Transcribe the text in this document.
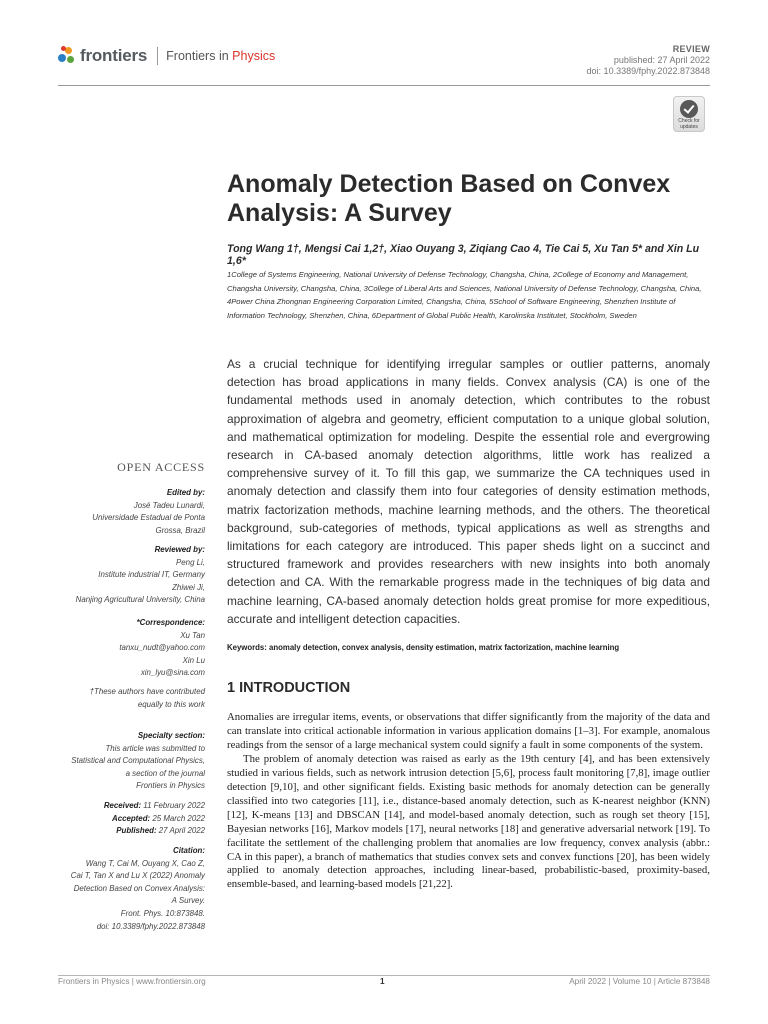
frontiers Frontiers in Physics	REVIEW
published: 27 April 2022
doi: 10.3389/fphy.2022.873848
Check for
updates
Anomaly Detection Based on Convex Analysis: A Survey
Tong Wang 1†, Mengsi Cai 1,2†, Xiao Ouyang 3, Ziqiang Cao 4, Tie Cai 5, Xu Tan 5* and Xin Lu 1,6*
1College of Systems Engineering, National University of Defense Technology, Changsha, China, 2College of Economy and Management, Changsha University, Changsha, China, 3College of Liberal Arts and Sciences, National University of Defense Technology, Changsha, China, 4Power China Zhongnan Engineering Corporation Limited, Changsha, China, 5School of Software Engineering, Shenzhen Institute of Information Technology, Shenzhen, China, 6Department of Global Public Health, Karolinska Institutet, Stockholm, Sweden
As a crucial technique for identifying irregular samples or outlier patterns, anomaly detection has broad applications in many fields. Convex analysis (CA) is one of the fundamental methods used in anomaly detection, which contributes to the robust approximation of algebra and geometry, efficient computation to a unique global solution, and mathematical optimization for modeling. Despite the essential role and evergrowing research in CA-based anomaly detection algorithms, little work has realized a comprehensive survey of it. To fill this gap, we summarize the CA techniques used in anomaly detection and classify them into four categories of density estimation methods, matrix factorization methods, machine learning methods, and the others. The theoretical background, sub-categories of methods, typical applications as well as strengths and limitations for each category are introduced. This paper sheds light on a succinct and structured framework and provides researchers with new insights into both anomaly detection and CA. With the remarkable progress made in the techniques of big data and machine learning, CA-based anomaly detection holds great promise for more expeditious, accurate and intelligent detection capacities.
Keywords: anomaly detection, convex analysis, density estimation, matrix factorization, machine learning
1 INTRODUCTION

Anomalies are irregular items, events, or observations that differ significantly from the majority of the data and can translate into critical actionable information in various application domains [1–3]. For example, anomalous readings from the sensor of a large mechanical system could signify a fault in some components of the system.

The problem of anomaly detection was raised as early as the 19th century [4], and has been extensively studied in various fields, such as network intrusion detection [5,6], process fault monitoring [7,8], image outlier detection [9,10], and other significant fields. Existing basic methods for anomaly detection can be generally classified into two categories [11], i.e., distance-based anomaly detection, such as K-nearest neighbor (KNN) [12], K-means [13] and DBSCAN [14], and model-based anomaly detection, such as rough set theory [15], Bayesian networks [16], Markov models [17], neural networks [18] and generative adversarial network [19]. To facilitate the settlement of the challenging problem that anomalies are low frequency, convex analysis (abbr.: CA in this paper), a branch of mathematics that studies convex sets and convex functions [20], has been widely applied to anomaly detection approaches, including linear-based, probabilistic-based, proximity-based, ensemble-based, and learning-based models [21,22].

OPEN ACCESS
Edited by:
José Tadeu Lunardi,
Universidade Estadual de Ponta
Grossa, Brazil
Reviewed by:
Peng Li,
Institute industrial IT, Germany
Zhiwei Ji,
Nanjing Agricultural University, China
*Correspondence:
Xu Tan
tanxu_nudt@yahoo.com
Xin Lu
xin_lyu@sina.com
†These authors have contributed
equally to this work
Specialty section:
This article was submitted to
Statistical and Computational Physics,
a section of the journal
Frontiers in Physics
Received: 11 February 2022
Accepted: 25 March 2022
Published: 27 April 2022
Citation:
Wang T, Cai M, Ouyang X, Cao Z,
Cai T, Tan X and Lu X (2022) Anomaly
Detection Based on Convex Analysis:
A Survey.
Front. Phys. 10:873848.
doi: 10.3389/fphy.2022.873848
Frontiers in Physics | www.frontiersin.org	1	April 2022 | Volume 10 | Article 873848
